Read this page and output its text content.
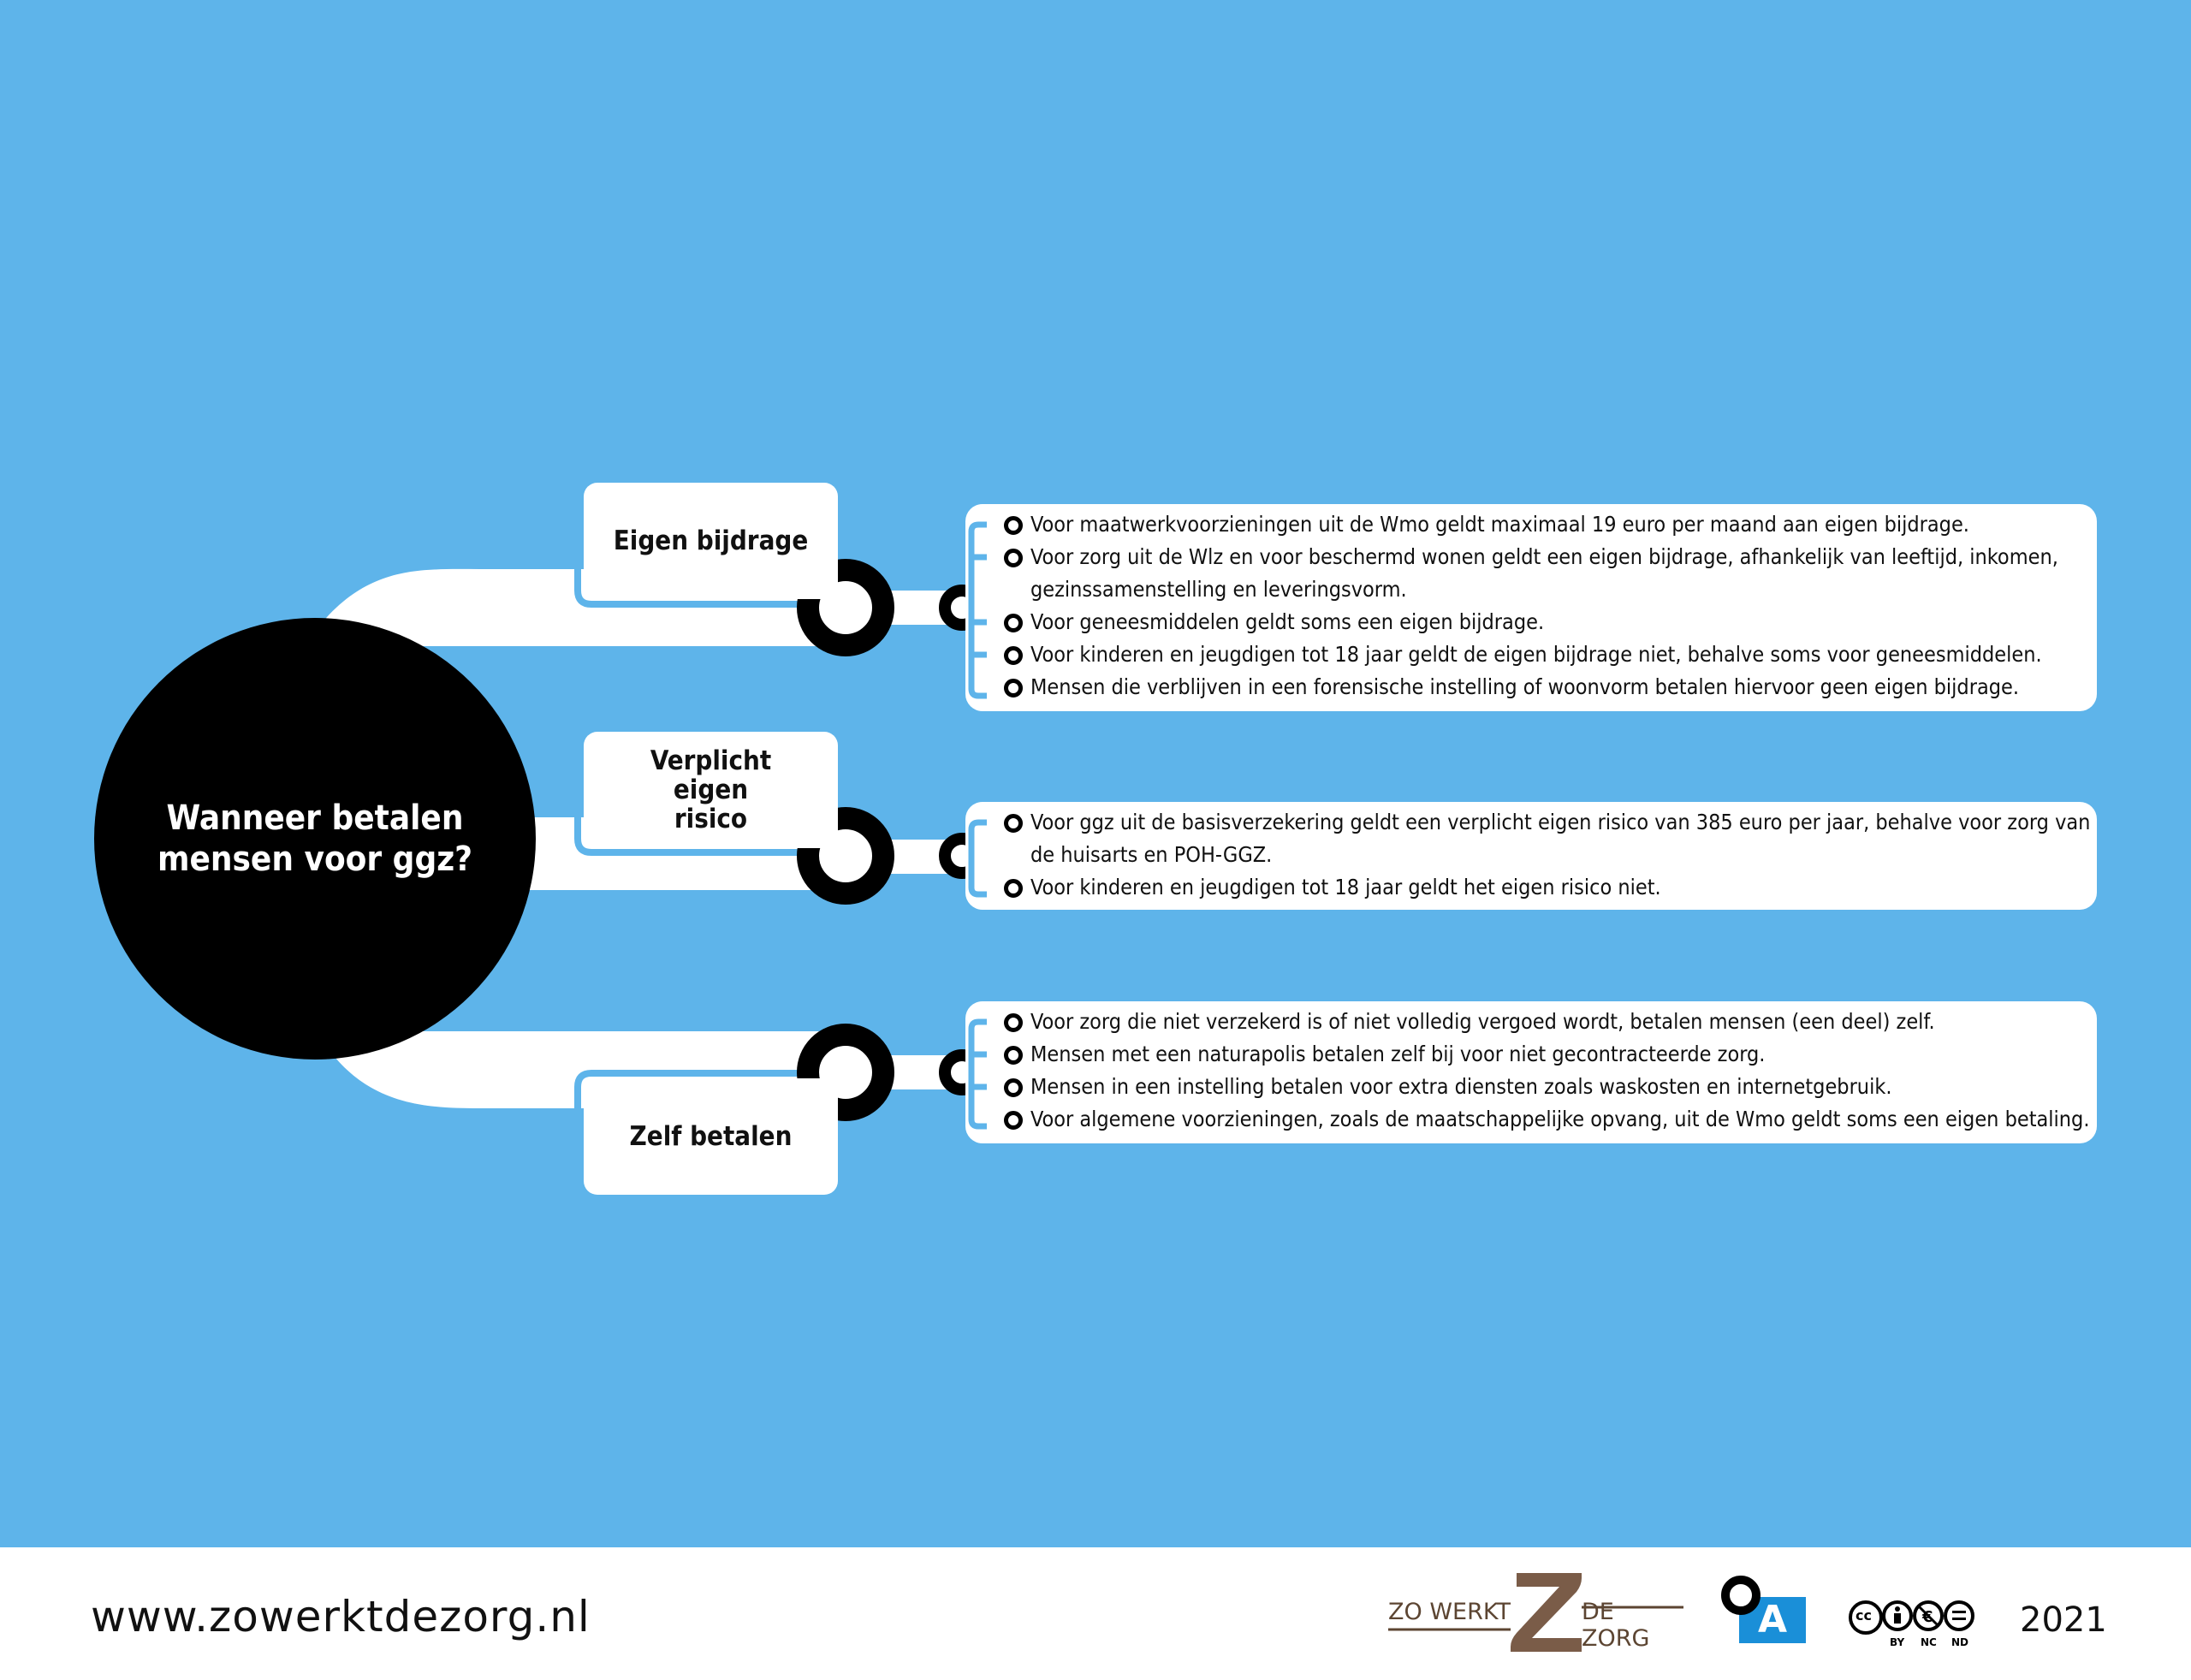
Wanneer betalen mensen voor ggz?
Eigen bijdrage
Verplicht eigen risico
Zelf betalen
Voor maatwerkvoorzieningen uit de Wmo geldt maximaal 19 euro per maand aan eigen bijdrage.
Voor zorg uit de Wlz en voor beschermd wonen geldt een eigen bijdrage, afhankelijk van leeftijd, inkomen, gezinssamenstelling en leveringsvorm.
Voor geneesmiddelen geldt soms een eigen bijdrage.
Voor kinderen en jeugdigen tot 18 jaar geldt de eigen bijdrage niet, behalve soms voor geneesmiddelen.
Mensen die verblijven in een forensische instelling of woonvorm betalen hiervoor geen eigen bijdrage.
Voor ggz uit de basisverzekering geldt een verplicht eigen risico van 385 euro per jaar, behalve voor zorg van de huisarts en POH-GGZ.
Voor kinderen en jeugdigen tot 18 jaar geldt het eigen risico niet.
Voor zorg die niet verzekerd is of niet volledig vergoed wordt, betalen mensen (een deel) zelf.
Mensen met een naturapolis betalen zelf bij voor niet gecontracteerde zorg.
Mensen in een instelling betalen voor extra diensten zoals waskosten en internetgebruik.
Voor algemene voorzieningen, zoals de maatschappelijke opvang, uit de Wmo geldt soms een eigen betaling.
www.zowerktdezorg.nl	ZO WERKT	DE ZORG	A	€
cc
BY NC ND
2021
